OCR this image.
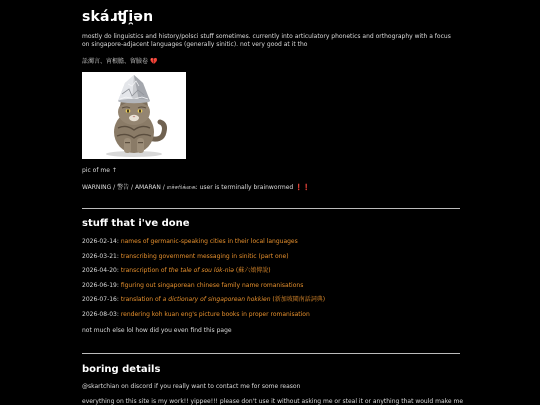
skáɹʧi̯ən

mostly do linguistics and history/polsci stuff sometimes. currently into articulatory phonetics and orthography with a focus on singapore-adjacent languages (generally sinitic). not very good at it tho

訟濁言、宵根膽、留臉卷 💔

pic of me ↑

WARNING / 警告 / AMARAN / எச்சரிக்கை: user is terminally brainwormed ❗❗

stuff that i've done
2026-02-14: names of germanic-speaking cities in their local languages
2026-03-21: transcribing government messaging in sinitic (part one)
2026-04-20: transcription of the tale of sou lók-nìə (蘇六娘傳說)
2026-06-19: figuring out singaporean chinese family name romanisations
2026-07-16: translation of a dictionary of singaporean hokkien (新加坡閩南話詞典)
2026-08-03: rendering koh kuan eng's picture books in proper romanisation

not much else lol how did you even find this page

boring details

@skartchian on discord if you really want to contact me for some reason

everything on this site is my work!! yippee!!! please don't use it without asking me or steal it or anything that would make me
